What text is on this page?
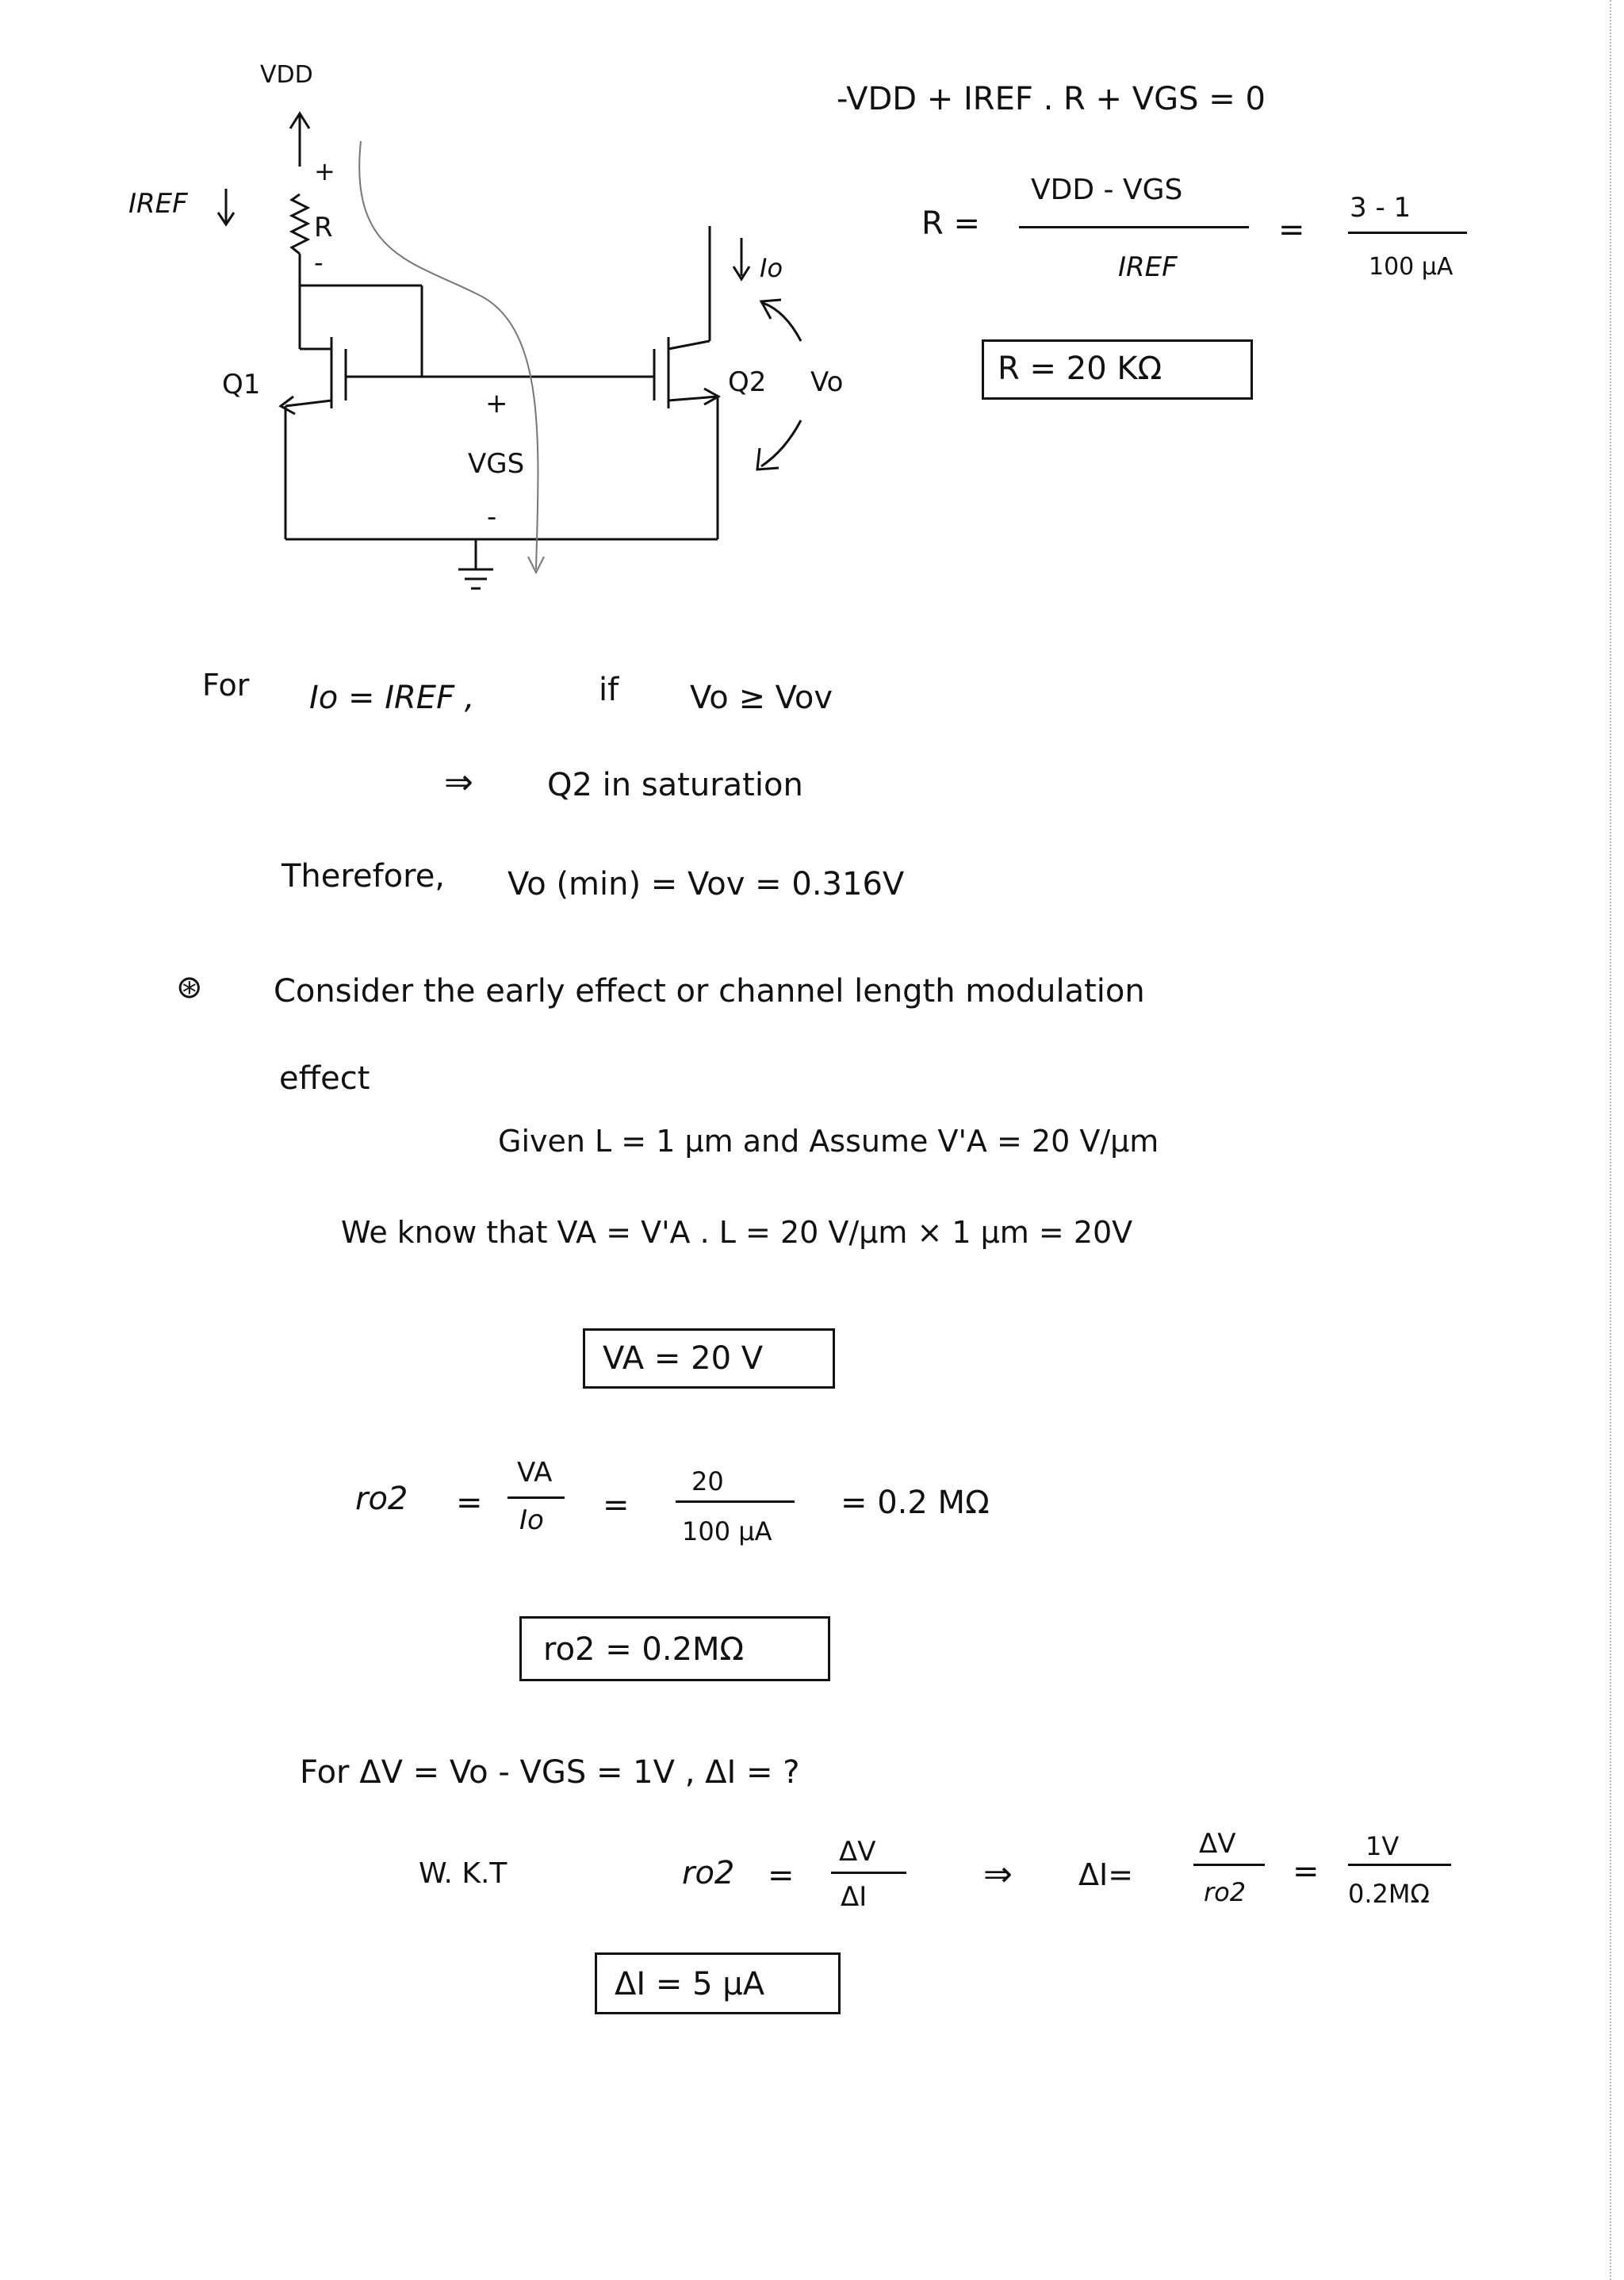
VDD
IREF
+
R
-
Q1	Q2
Io
Vo
+
VGS
-
-VDD + IREF . R + VGS = 0
R =
VDD - VGS
IREF
=
3 - 1
100 μA
R = 20 KΩ
For Io = IREF ,	if Vo ≥ Vov
⇒ Q2 in saturation
Therefore, Vo (min) = Vov = 0.316V
⊛ Consider the early effect or channel length modulation
effect
Given L = 1 μm and Assume V'A = 20 V/μm
We know that VA = V'A . L = 20 V/μm × 1 μm = 20V
VA = 20 V
ro2 =
VA
Io =
20
100 μA
= 0.2 MΩ
ro2 = 0.2MΩ
For ΔV = Vo - VGS = 1V , ΔI = ?
W. K.T	ro2 =
ΔV
ΔI
⇒ ΔI=
ΔV
ro2
=
1V
0.2MΩ
ΔI = 5 μA
